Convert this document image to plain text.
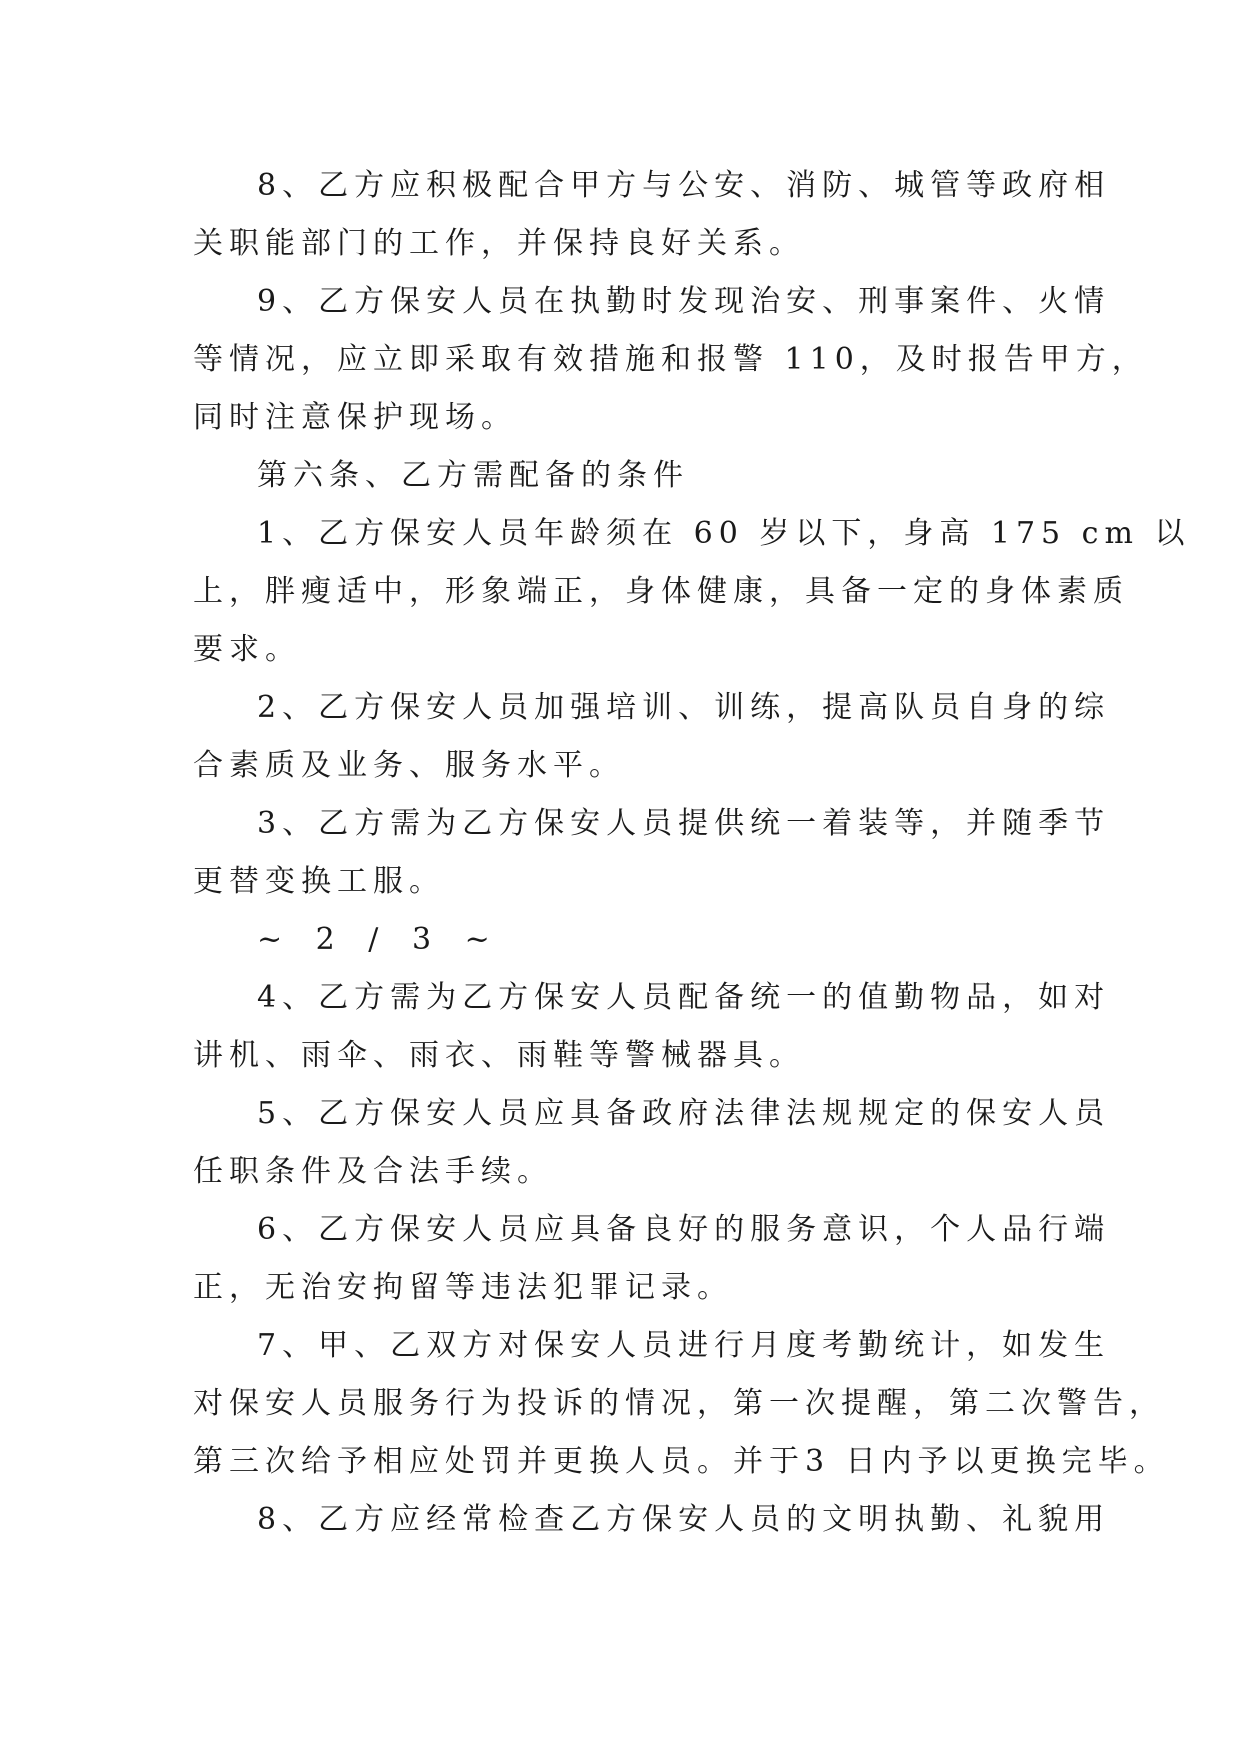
8、乙方应积极配合甲方与公安、消防、城管等政府相
关职能部门的工作，并保持良好关系。

9、乙方保安人员在执勤时发现治安、刑事案件、火情
等情况，应立即采取有效措施和报警 110，及时报告甲方，
同时注意保护现场。

第六条、乙方需配备的条件

1、乙方保安人员年龄须在 60 岁以下，身高 175 cm 以
上，胖瘦适中，形象端正，身体健康，具备一定的身体素质
要求。

2、乙方保安人员加强培训、训练，提高队员自身的综
合素质及业务、服务水平。

3、乙方需为乙方保安人员提供统一着装等，并随季节
更替变换工服。

~ 2 / 3 ~

4、乙方需为乙方保安人员配备统一的值勤物品，如对
讲机、雨伞、雨衣、雨鞋等警械器具。

5、乙方保安人员应具备政府法律法规规定的保安人员
任职条件及合法手续。

6、乙方保安人员应具备良好的服务意识，个人品行端
正，无治安拘留等违法犯罪记录。

7、甲、乙双方对保安人员进行月度考勤统计，如发生
对保安人员服务行为投诉的情况，第一次提醒，第二次警告，
第三次给予相应处罚并更换人员。并于3 日内予以更换完毕。

8、乙方应经常检查乙方保安人员的文明执勤、礼貌用
